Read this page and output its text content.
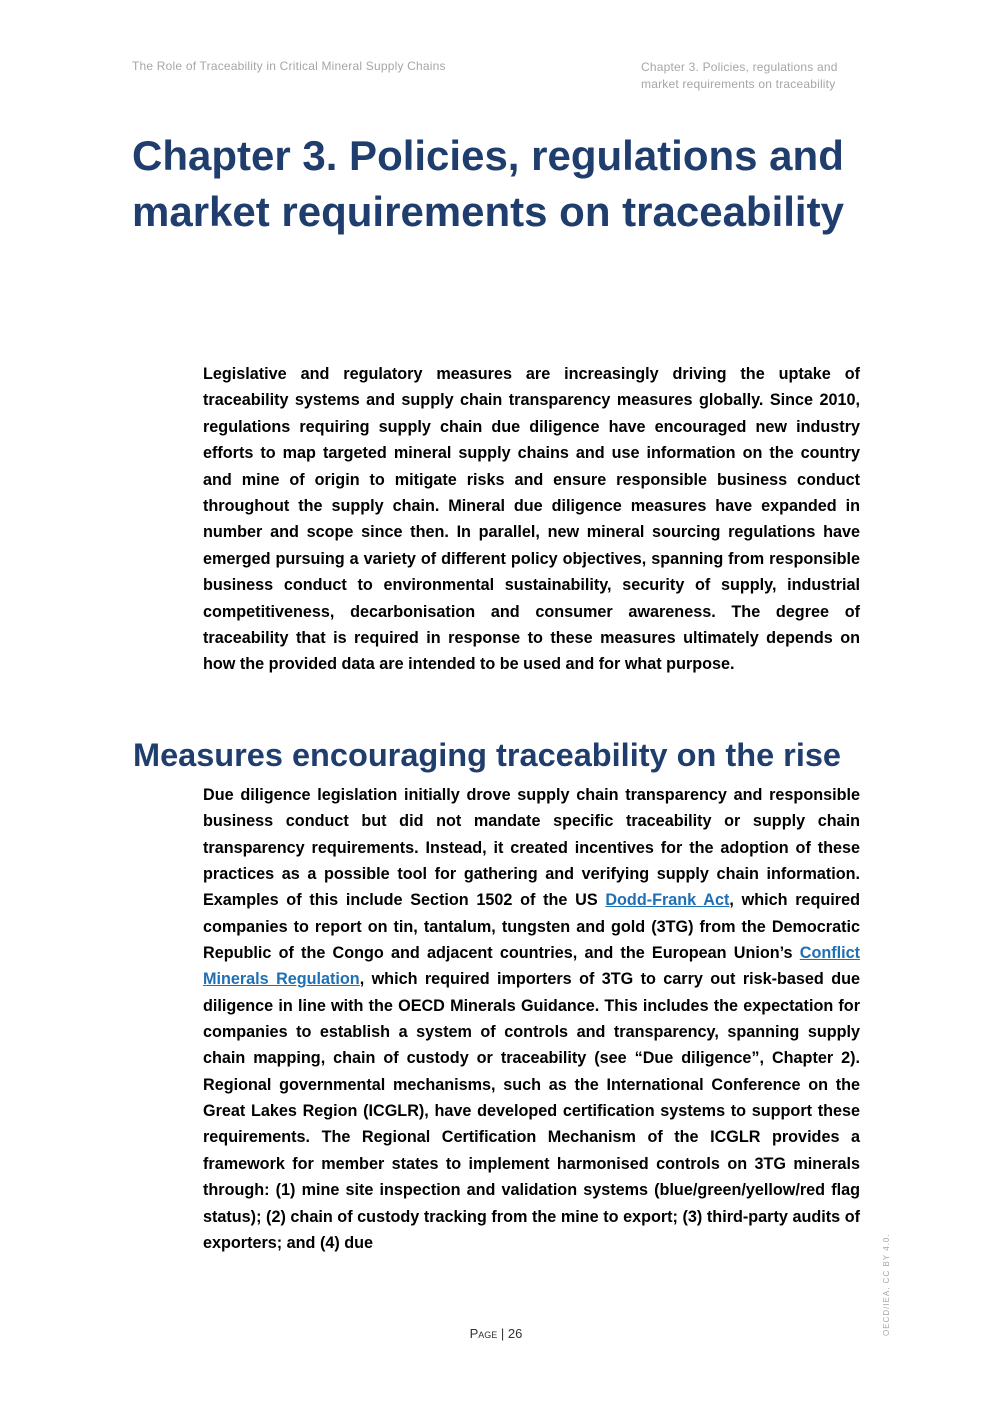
The Role of Traceability in Critical Mineral Supply Chains	Chapter 3. Policies, regulations and market requirements on traceability
Chapter 3. Policies, regulations and market requirements on traceability

Legislative and regulatory measures are increasingly driving the uptake of traceability systems and supply chain transparency measures globally. Since 2010, regulations requiring supply chain due diligence have encouraged new industry efforts to map targeted mineral supply chains and use information on the country and mine of origin to mitigate risks and ensure responsible business conduct throughout the supply chain. Mineral due diligence measures have expanded in number and scope since then. In parallel, new mineral sourcing regulations have emerged pursuing a variety of different policy objectives, spanning from responsible business conduct to environmental sustainability, security of supply, industrial competitiveness, decarbonisation and consumer awareness. The degree of traceability that is required in response to these measures ultimately depends on how the provided data are intended to be used and for what purpose.

Measures encouraging traceability on the rise

Due diligence legislation initially drove supply chain transparency and responsible business conduct but did not mandate specific traceability or supply chain transparency requirements. Instead, it created incentives for the adoption of these practices as a possible tool for gathering and verifying supply chain information. Examples of this include Section 1502 of the US Dodd-Frank Act, which required companies to report on tin, tantalum, tungsten and gold (3TG) from the Democratic Republic of the Congo and adjacent countries, and the European Union’s Conflict Minerals Regulation, which required importers of 3TG to carry out risk-based due diligence in line with the OECD Minerals Guidance. This includes the expectation for companies to establish a system of controls and transparency, spanning supply chain mapping, chain of custody or traceability (see “Due diligence”, Chapter 2). Regional governmental mechanisms, such as the International Conference on the Great Lakes Region (ICGLR), have developed certification systems to support these requirements. The Regional Certification Mechanism of the ICGLR provides a framework for member states to implement harmonised controls on 3TG minerals through: (1) mine site inspection and validation systems (blue/green/yellow/red flag status); (2) chain of custody tracking from the mine to export; (3) third-party audits of exporters; and (4) due

Page | 26	OECD/IEA, CC BY 4.0.
